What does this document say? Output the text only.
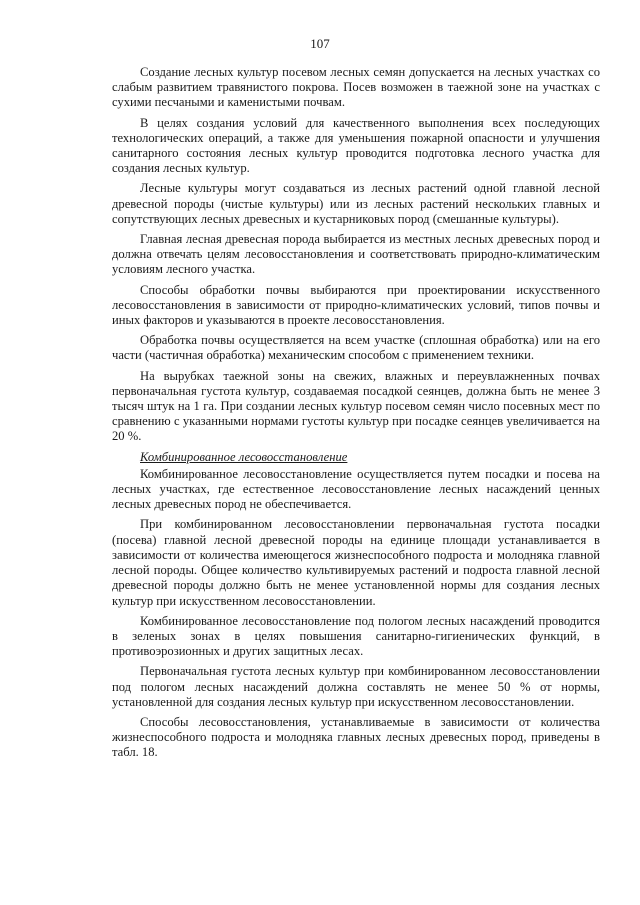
107

Создание лесных культур посевом лесных семян допускается на лесных участках со слабым развитием травянистого покрова. Посев возможен в таежной зоне на участках с сухими песчаными и каменистыми почвам.

В целях создания условий для качественного выполнения всех последующих технологических операций, а также для уменьшения пожарной опасности и улучшения санитарного состояния лесных культур проводится подготовка лесного участка для создания лесных культур.

Лесные культуры могут создаваться из лесных растений одной главной лесной древесной породы (чистые культуры) или из лесных растений нескольких главных и сопутствующих лесных древесных и кустарниковых пород (смешанные культуры).

Главная лесная древесная порода выбирается из местных лесных древесных пород и должна отвечать целям лесовосстановления и соответствовать природно-климатическим условиям лесного участка.

Способы обработки почвы выбираются при проектировании искусственного лесовосстановления в зависимости от природно-климатических условий, типов почвы и иных факторов и указываются в проекте лесовосстановления.

Обработка почвы осуществляется на всем участке (сплошная обработка) или на его части (частичная обработка) механическим способом с применением техники.

На вырубках таежной зоны на свежих, влажных и переувлажненных почвах первоначальная густота культур, создаваемая посадкой сеянцев, должна быть не менее 3 тысяч штук на 1 га. При создании лесных культур посевом семян число посевных мест по сравнению с указанными нормами густоты культур при посадке сеянцев увеличивается на 20 %.

Комбинированное лесовосстановление

Комбинированное лесовосстановление осуществляется путем посадки и посева на лесных участках, где естественное лесовосстановление лесных насаждений ценных лесных древесных пород не обеспечивается.

При комбинированном лесовосстановлении первоначальная густота посадки (посева) главной лесной древесной породы на единице площади устанавливается в зависимости от количества имеющегося жизнеспособного подроста и молодняка главной лесной породы. Общее количество культивируемых растений и подроста главной лесной древесной породы должно быть не менее установленной нормы для создания лесных культур при искусственном лесовосстановлении.

Комбинированное лесовосстановление под пологом лесных насаждений проводится в зеленых зонах в целях повышения санитарно-гигиенических функций, в противоэрозионных и других защитных лесах.

Первоначальная густота лесных культур при комбинированном лесовосстановлении под пологом лесных насаждений должна составлять не менее 50 % от нормы, установленной для создания лесных культур при искусственном лесовосстановлении.

Способы лесовосстановления, устанавливаемые в зависимости от количества жизнеспособного подроста и молодняка главных лесных древесных пород, приведены в табл. 18.
